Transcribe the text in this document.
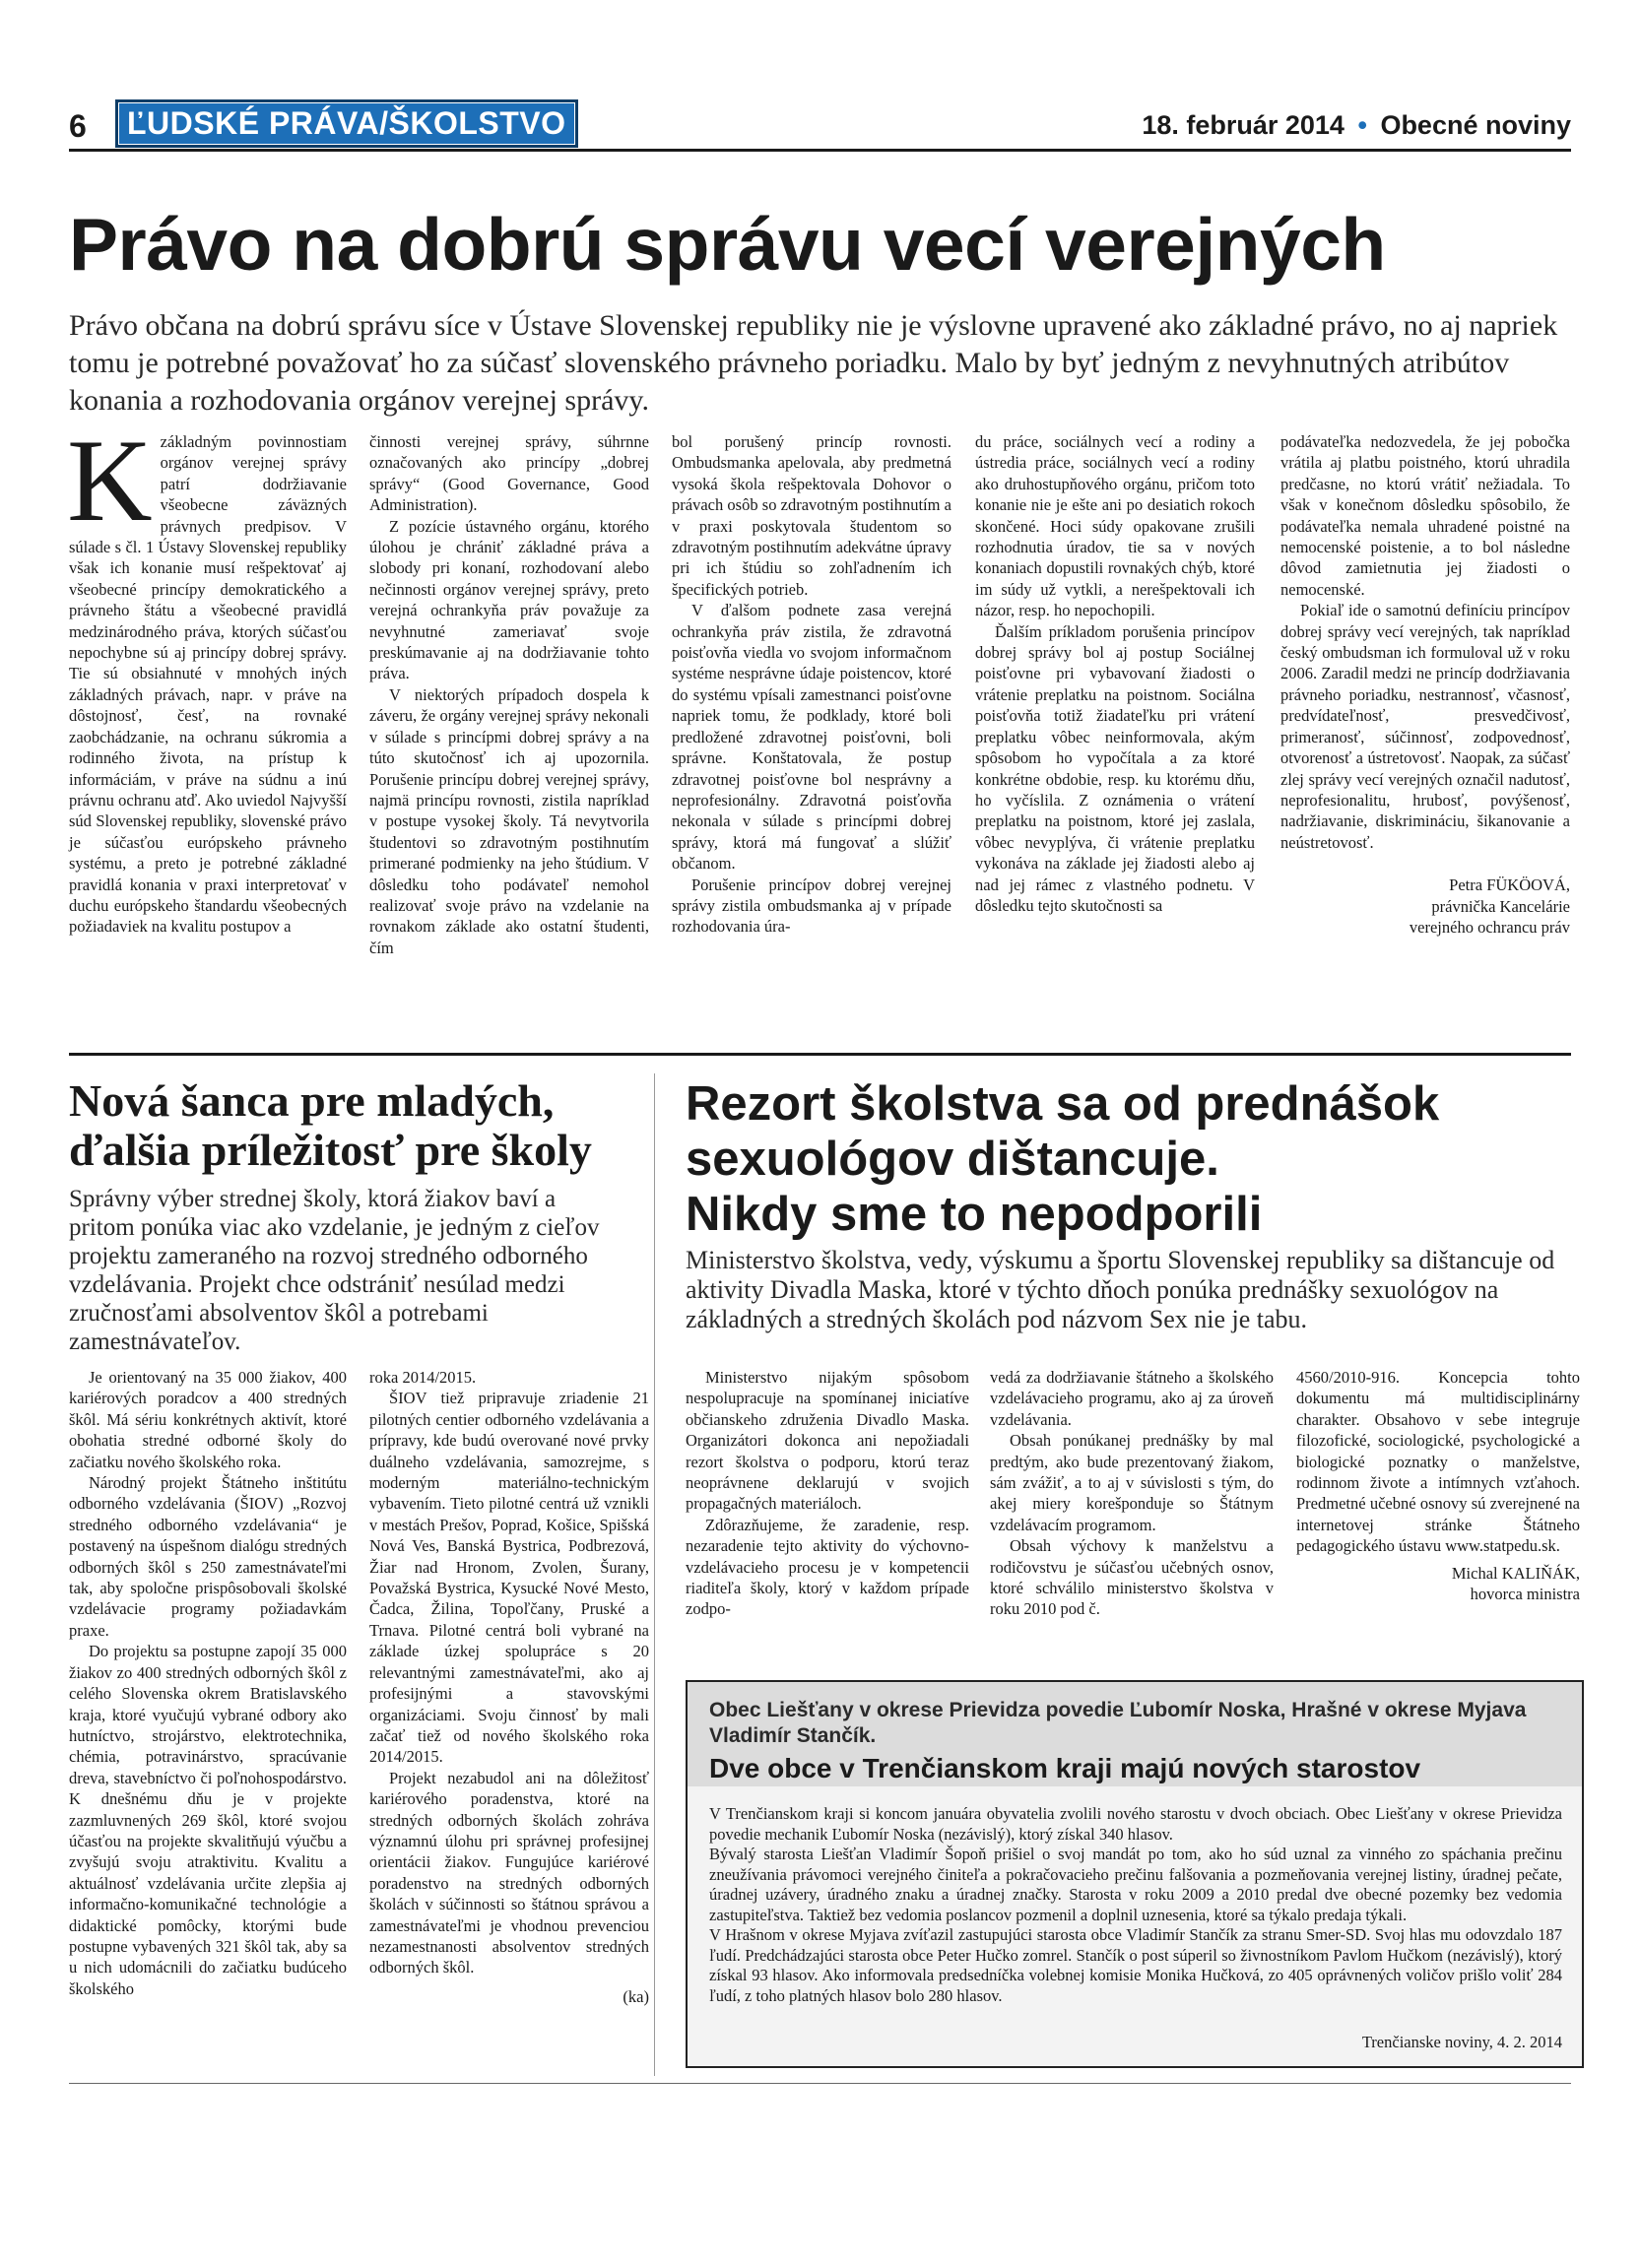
6 ĽUDSKÉ PRÁVA/ŠKOLSTVO	18. február 2014 • Obecné noviny
Právo na dobrú správu vecí verejných
Právo občana na dobrú správu síce v Ústave Slovenskej republiky nie je výslovne upravené ako základné právo, no aj napriek tomu je potrebné považovať ho za súčasť slovenského právneho poriadku. Malo by byť jedným z nevyhnutných atribútov konania a rozhodovania orgánov verejnej správy.

Kzákladným povinnostiam orgánov verejnej správy patrí dodržiavanie všeobecne záväzných právnych predpisov. V súlade s čl. 1 Ústavy Slovenskej republiky však ich konanie musí rešpektovať aj všeobecné princípy demokratického a právneho štátu a všeobecné pravidlá medzinárodného práva, ktorých súčasťou nepochybne sú aj princípy dobrej správy. Tie sú obsiahnuté v mnohých iných základných právach, napr. v práve na dôstojnosť, česť, na rovnaké zaobchádzanie, na ochranu súkromia a rodinného života, na prístup k informáciám, v práve na súdnu a inú právnu ochranu atď. Ako uviedol Najvyšší súd Slovenskej republiky, slovenské právo je súčasťou európskeho právneho systému, a preto je potrebné základné pravidlá konania v praxi interpretovať v duchu európskeho štandardu všeobecných požiadaviek na kvalitu postupov a

činnosti verejnej správy, súhrnne označovaných ako princípy „dobrej správy“ (Good Governance, Good Administration).

Z pozície ústavného orgánu, ktorého úlohou je chrániť základné práva a slobody pri konaní, rozhodovaní alebo nečinnosti orgánov verejnej správy, preto verejná ochrankyňa práv považuje za nevyhnutné zameriavať svoje preskúmavanie aj na dodržiavanie tohto práva.

V niektorých prípadoch dospela k záveru, že orgány verejnej správy nekonali v súlade s princípmi dobrej správy a na túto skutočnosť ich aj upozornila. Porušenie princípu dobrej verejnej správy, najmä princípu rovnosti, zistila napríklad v postupe vysokej školy. Tá nevytvorila študentovi so zdravotným postihnutím primerané podmienky na jeho štúdium. V dôsledku toho podávateľ nemohol realizovať svoje právo na vzdelanie na rovnakom základe ako ostatní študenti, čím

bol porušený princíp rovnosti. Ombudsmanka apelovala, aby predmetná vysoká škola rešpektovala Dohovor o právach osôb so zdravotným postihnutím a v praxi poskytovala študentom so zdravotným postihnutím adekvátne úpravy pri ich štúdiu so zohľadnením ich špecifických potrieb.

V ďalšom podnete zasa verejná ochrankyňa práv zistila, že zdravotná poisťovňa viedla vo svojom informačnom systéme nesprávne údaje poistencov, ktoré do systému vpísali zamestnanci poisťovne napriek tomu, že podklady, ktoré boli predložené zdravotnej poisťovni, boli správne. Konštatovala, že postup zdravotnej poisťovne bol nesprávny a neprofesionálny. Zdravotná poisťovňa nekonala v súlade s princípmi dobrej správy, ktorá má fungovať a slúžiť občanom.

Porušenie princípov dobrej verejnej správy zistila ombudsmanka aj v prípade rozhodovania úra-

du práce, sociálnych vecí a rodiny a ústredia práce, sociálnych vecí a rodiny ako druhostupňového orgánu, pričom toto konanie nie je ešte ani po desiatich rokoch skončené. Hoci súdy opakovane zrušili rozhodnutia úradov, tie sa v nových konaniach dopustili rovnakých chýb, ktoré im súdy už vytkli, a nerešpektovali ich názor, resp. ho nepochopili.

Ďalším príkladom porušenia princípov dobrej správy bol aj postup Sociálnej poisťovne pri vybavovaní žiadosti o vrátenie preplatku na poistnom. Sociálna poisťovňa totiž žiadateľku pri vrátení preplatku vôbec neinformovala, akým spôsobom ho vypočítala a za ktoré konkrétne obdobie, resp. ku ktorému dňu, ho vyčíslila. Z oznámenia o vrátení preplatku na poistnom, ktoré jej zaslala, vôbec nevyplýva, či vrátenie preplatku vykonáva na základe jej žiadosti alebo aj nad jej rámec z vlastného podnetu. V dôsledku tejto skutočnosti sa

podávateľka nedozvedela, že jej pobočka vrátila aj platbu poistného, ktorú uhradila predčasne, no ktorú vrátiť nežiadala. To však v konečnom dôsledku spôsobilo, že podávateľka nemala uhradené poistné na nemocenské poistenie, a to bol následne dôvod zamietnutia jej žiadosti o nemocenské.

Pokiaľ ide o samotnú definíciu princípov dobrej správy vecí verejných, tak napríklad český ombudsman ich formuloval už v roku 2006. Zaradil medzi ne princíp dodržiavania právneho poriadku, nestrannosť, včasnosť, predvídateľnosť, presvedčivosť, primeranosť, súčinnosť, zodpovednosť, otvorenosť a ústretovosť. Naopak, za súčasť zlej správy vecí verejných označil nadutosť, neprofesionalitu, hrubosť, povýšenosť, nadržiavanie, diskrimináciu, šikanovanie a neústretovosť.

Petra FÜKÖOVÁ,
právnička Kancelárie
verejného ochrancu práv
Nová šanca pre mladých, ďalšia príležitosť pre školy
Správny výber strednej školy, ktorá žiakov baví a pritom ponúka viac ako vzdelanie, je jedným z cieľov projektu zameraného na rozvoj stredného odborného vzdelávania. Projekt chce odstrániť nesúlad medzi zručnosťami absolventov škôl a potrebami zamestnávateľov.

Je orientovaný na 35 000 žiakov, 400 kariérových poradcov a 400 stredných škôl. Má sériu konkrétnych aktivít, ktoré obohatia stredné odborné školy do začiatku nového školského roka.

Národný projekt Štátneho inštitútu odborného vzdelávania (ŠIOV) „Rozvoj stredného odborného vzdelávania“ je postavený na úspešnom dialógu stredných odborných škôl s 250 zamestnávateľmi tak, aby spoločne prispôsobovali školské vzdelávacie programy požiadavkám praxe.

Do projektu sa postupne zapojí 35 000 žiakov zo 400 stredných odborných škôl z celého Slovenska okrem Bratislavského kraja, ktoré vyučujú vybrané odbory ako hutníctvo, strojárstvo, elektrotechnika, chémia, potravinárstvo, spracúvanie dreva, stavebníctvo či poľnohospodárstvo. K dnešnému dňu je v projekte zazmluvnených 269 škôl, ktoré svojou účasťou na projekte skvalitňujú výučbu a zvyšujú svoju atraktivitu. Kvalitu a aktuálnosť vzdelávania určite zlepšia aj informačno-komunikačné technológie a didaktické pomôcky, ktorými bude postupne vybavených 321 škôl tak, aby sa u nich udomácnili do začiatku budúceho školského

roka 2014/2015.

ŠIOV tiež pripravuje zriadenie 21 pilotných centier odborného vzdelávania a prípravy, kde budú overované nové prvky duálneho vzdelávania, samozrejme, s moderným materiálno-technickým vybavením. Tieto pilotné centrá už vznikli v mestách Prešov, Poprad, Košice, Spišská Nová Ves, Banská Bystrica, Podbrezová, Žiar nad Hronom, Zvolen, Šurany, Považská Bystrica, Kysucké Nové Mesto, Čadca, Žilina, Topoľčany, Pruské a Trnava. Pilotné centrá boli vybrané na základe úzkej spolupráce s 20 relevantnými zamestnávateľmi, ako aj profesijnými a stavovskými organizáciami. Svoju činnosť by mali začať tiež od nového školského roka 2014/2015.

Projekt nezabudol ani na dôležitosť kariérového poradenstva, ktoré na stredných odborných školách zohráva významnú úlohu pri správnej profesijnej orientácii žiakov. Fungujúce kariérové poradenstvo na stredných odborných školách v súčinnosti so štátnou správou a zamestnávateľmi je vhodnou prevenciou nezamestnanosti absolventov stredných odborných škôl.

(ka)
Rezort školstva sa od prednášok
sexuológov dištancuje.
Nikdy sme to nepodporili
Ministerstvo školstva, vedy, výskumu a športu Slovenskej republiky sa dištancuje od aktivity Divadla Maska, ktoré v týchto dňoch ponúka prednášky sexuológov na základných a stredných školách pod názvom Sex nie je tabu.

Ministerstvo nijakým spôsobom nespolupracuje na spomínanej iniciatíve občianskeho združenia Divadlo Maska. Organizátori dokonca ani nepožiadali rezort školstva o podporu, ktorú teraz neoprávnene deklarujú v svojich propagačných materiáloch.

Zdôrazňujeme, že zaradenie, resp. nezaradenie tejto aktivity do výchovno-vzdelávacieho procesu je v kompetencii riaditeľa školy, ktorý v každom prípade zodpo-

vedá za dodržiavanie štátneho a školského vzdelávacieho programu, ako aj za úroveň vzdelávania.

Obsah ponúkanej prednášky by mal predtým, ako bude prezentovaný žiakom, sám zvážiť, a to aj v súvislosti s tým, do akej miery korešponduje so Štátnym vzdelávacím programom.

Obsah výchovy k manželstvu a rodičovstvu je súčasťou učebných osnov, ktoré schválilo ministerstvo školstva v roku 2010 pod č.

4560/2010-916. Koncepcia tohto dokumentu má multidisciplinárny charakter. Obsahovo v sebe integruje filozofické, sociologické, psychologické a biologické poznatky o manželstve, rodinnom živote a intímnych vzťahoch. Predmetné učebné osnovy sú zverejnené na internetovej stránke Štátneho pedagogického ústavu www.statpedu.sk.

Michal KALIŇÁK,
hovorca ministra
Obec Liešťany v okrese Prievidza povedie Ľubomír Noska, Hrašné v okrese Myjava Vladimír Stančík.
Dve obce v Trenčianskom kraji majú nových starostov

V Trenčianskom kraji si koncom januára obyvatelia zvolili nového starostu v dvoch obciach. Obec Liešťany v okrese Prievidza povedie mechanik Ľubomír Noska (nezávislý), ktorý získal 340 hlasov.

Bývalý starosta Liešťan Vladimír Šopoň prišiel o svoj mandát po tom, ako ho súd uznal za vinného zo spáchania prečinu zneužívania právomoci verejného činiteľa a pokračovacieho prečinu falšovania a pozmeňovania verejnej listiny, úradnej pečate, úradnej uzávery, úradného znaku a úradnej značky. Starosta v roku 2009 a 2010 predal dve obecné pozemky bez vedomia zastupiteľstva. Taktiež bez vedomia poslancov pozmenil a doplnil uznesenia, ktoré sa týkalo predaja týkali.

V Hrašnom v okrese Myjava zvíťazil zastupujúci starosta obce Vladimír Stančík za stranu Smer-SD. Svoj hlas mu odovzdalo 187 ľudí. Predchádzajúci starosta obce Peter Hučko zomrel. Stančík o post súperil so živnostníkom Pavlom Hučkom (nezávislý), ktorý získal 93 hlasov. Ako informovala predsedníčka volebnej komisie Monika Hučková, zo 405 oprávnených voličov prišlo voliť 284 ľudí, z toho platných hlasov bolo 280 hlasov.

Trenčianske noviny, 4. 2. 2014
